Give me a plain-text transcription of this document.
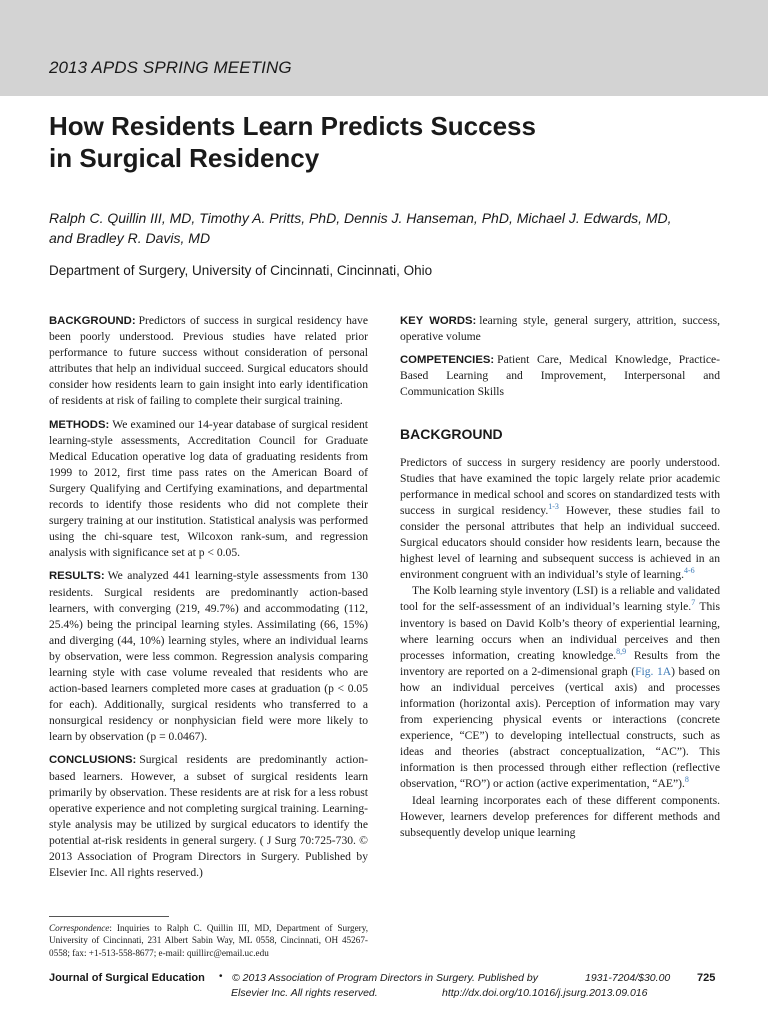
2013 APDS SPRING MEETING
How Residents Learn Predicts Success
in Surgical Residency
Ralph C. Quillin III, MD, Timothy A. Pritts, PhD, Dennis J. Hanseman, PhD, Michael J. Edwards, MD,
and Bradley R. Davis, MD
Department of Surgery, University of Cincinnati, Cincinnati, Ohio

BACKGROUND: Predictors of success in surgical residency have been poorly understood. Previous studies have related prior performance to future success without consideration of personal attributes that help an individual succeed. Surgical educators should consider how residents learn to gain insight into early identification of residents at risk of failing to complete their surgical training.

METHODS: We examined our 14-year database of surgical resident learning-style assessments, Accreditation Council for Graduate Medical Education operative log data of graduating residents from 1999 to 2012, first time pass rates on the American Board of Surgery Qualifying and Certifying examinations, and departmental records to identify those residents who did not complete their surgery training at our institution. Statistical analysis was performed using the chi-square test, Wilcoxon rank-sum, and regression analysis with significance set at p < 0.05.

RESULTS: We analyzed 441 learning-style assessments from 130 residents. Surgical residents are predominantly action-based learners, with converging (219, 49.7%) and accommodating (112, 25.4%) being the principal learning styles. Assimilating (66, 15%) and diverging (44, 10%) learning styles, where an individual learns by observation, were less common. Regression analysis comparing learning style with case volume revealed that residents who are action-based learners completed more cases at graduation (p < 0.05 for each). Additionally, surgical residents who transferred to a nonsurgical residency or nonphysician field were more likely to learn by observation (p = 0.0467).

CONCLUSIONS: Surgical residents are predominantly action-based learners. However, a subset of surgical residents learn primarily by observation. These residents are at risk for a less robust operative experience and not completing surgical training. Learning-style analysis may be utilized by surgical educators to identify the potential at-risk residents in general surgery. ( J Surg 70:725-730. © 2013 Association of Program Directors in Surgery. Published by Elsevier Inc. All rights reserved.)

KEY WORDS: learning style, general surgery, attrition, success, operative volume

COMPETENCIES: Patient Care, Medical Knowledge, Practice-Based Learning and Improvement, Interpersonal and Communication Skills

BACKGROUND

Predictors of success in surgery residency are poorly understood. Studies that have examined the topic largely relate prior academic performance in medical school and scores on standardized tests with success in surgical residency.$^{1-3}$ However, these studies fail to consider the personal attributes that help an individual succeed. Surgical educators should consider how residents learn, because the highest level of learning and subsequent success is achieved in an environment congruent with an individual’s style of learning.$^{4-6}$

The Kolb learning style inventory (LSI) is a reliable and validated tool for the self-assessment of an individual’s learning style.$^7$ This inventory is based on David Kolb’s theory of experiential learning, where learning occurs when an individual perceives and then processes information, creating knowledge.$^{8,9}$ Results from the inventory are reported on a 2-dimensional graph (Fig. 1A) based on how an individual perceives (vertical axis) and processes information (horizontal axis). Perception of information may vary from experiencing physical events or interactions (concrete experience, “CE”) to developing intellectual constructs, such as ideas and theories (abstract conceptualization, “AC”). This information is then processed through either reflection (reflective observation, “RO”) or action (active experimentation, “AE”).$^8$

Ideal learning incorporates each of these different components. However, learners develop preferences for different methods and subsequently develop unique learning

Correspondence: Inquiries to Ralph C. Quillin III, MD, Department of Surgery, University of Cincinnati, 231 Albert Sabin Way, ML 0558, Cincinnati, OH 45267-0558; fax: +1-513-558-8677; e-mail: quillirc@email.uc.edu
Journal of Surgical Education • © 2013 Association of Program Directors in Surgery. Published by
Elsevier Inc. All rights reserved.
1931-7204/$30.00 725
http://dx.doi.org/10.1016/j.jsurg.2013.09.016
